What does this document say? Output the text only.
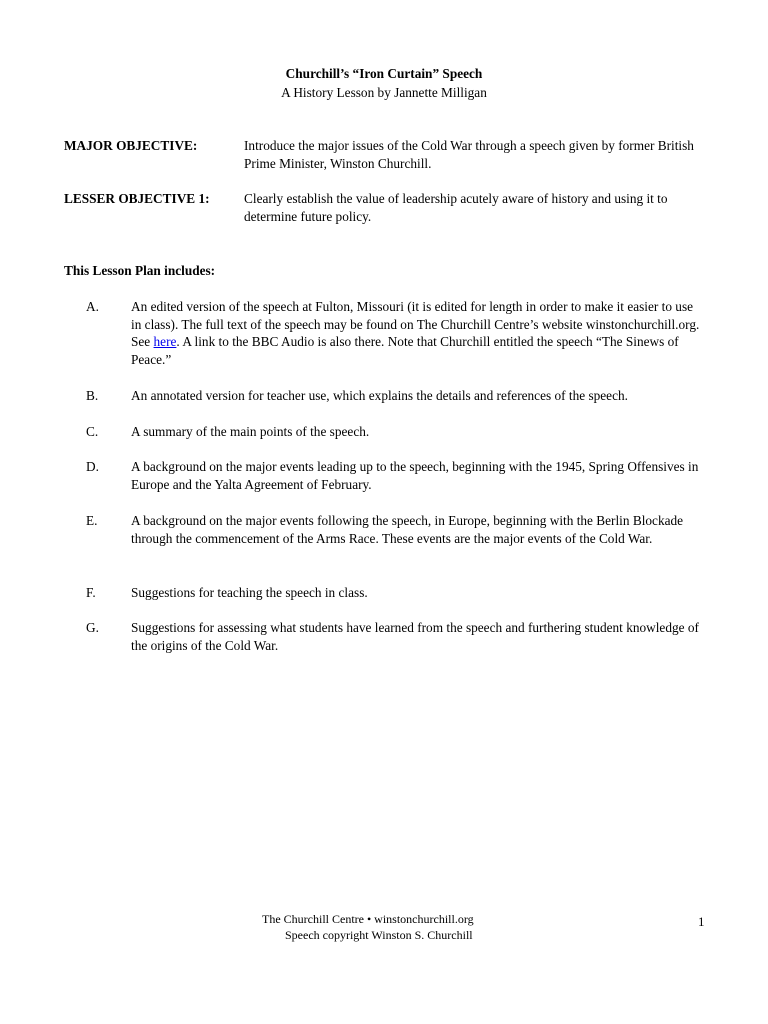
Churchill’s “Iron Curtain” Speech
A History Lesson by Jannette Milligan
MAJOR OBJECTIVE:	Introduce the major issues of the Cold War through a speech given by former British Prime Minister, Winston Churchill.
LESSER OBJECTIVE 1:	Clearly establish the value of leadership acutely aware of history and using it to determine future policy.
This Lesson Plan includes:
A. An edited version of the speech at Fulton, Missouri (it is edited for length in order to make it easier to use in class). The full text of the speech may be found on The Churchill Centre’s website winstonchurchill.org. See here. A link to the BBC Audio is also there. Note that Churchill entitled the speech “The Sinews of Peace.”
B. An annotated version for teacher use, which explains the details and references of the speech.
C. A summary of the main points of the speech.
D. A background on the major events leading up to the speech, beginning with the 1945, Spring Offensives in Europe and the Yalta Agreement of February.
E.	A background on the major events following the speech, in Europe, beginning with the Berlin Blockade through the commencement of the Arms Race. These events are the major events of the Cold War.
F.	Suggestions for teaching the speech in class.
G. Suggestions for assessing what students have learned from the speech and furthering student knowledge of the origins of the Cold War.
The Churchill Centre • winstonchurchill.org
Speech copyright Winston S. Churchill
1
